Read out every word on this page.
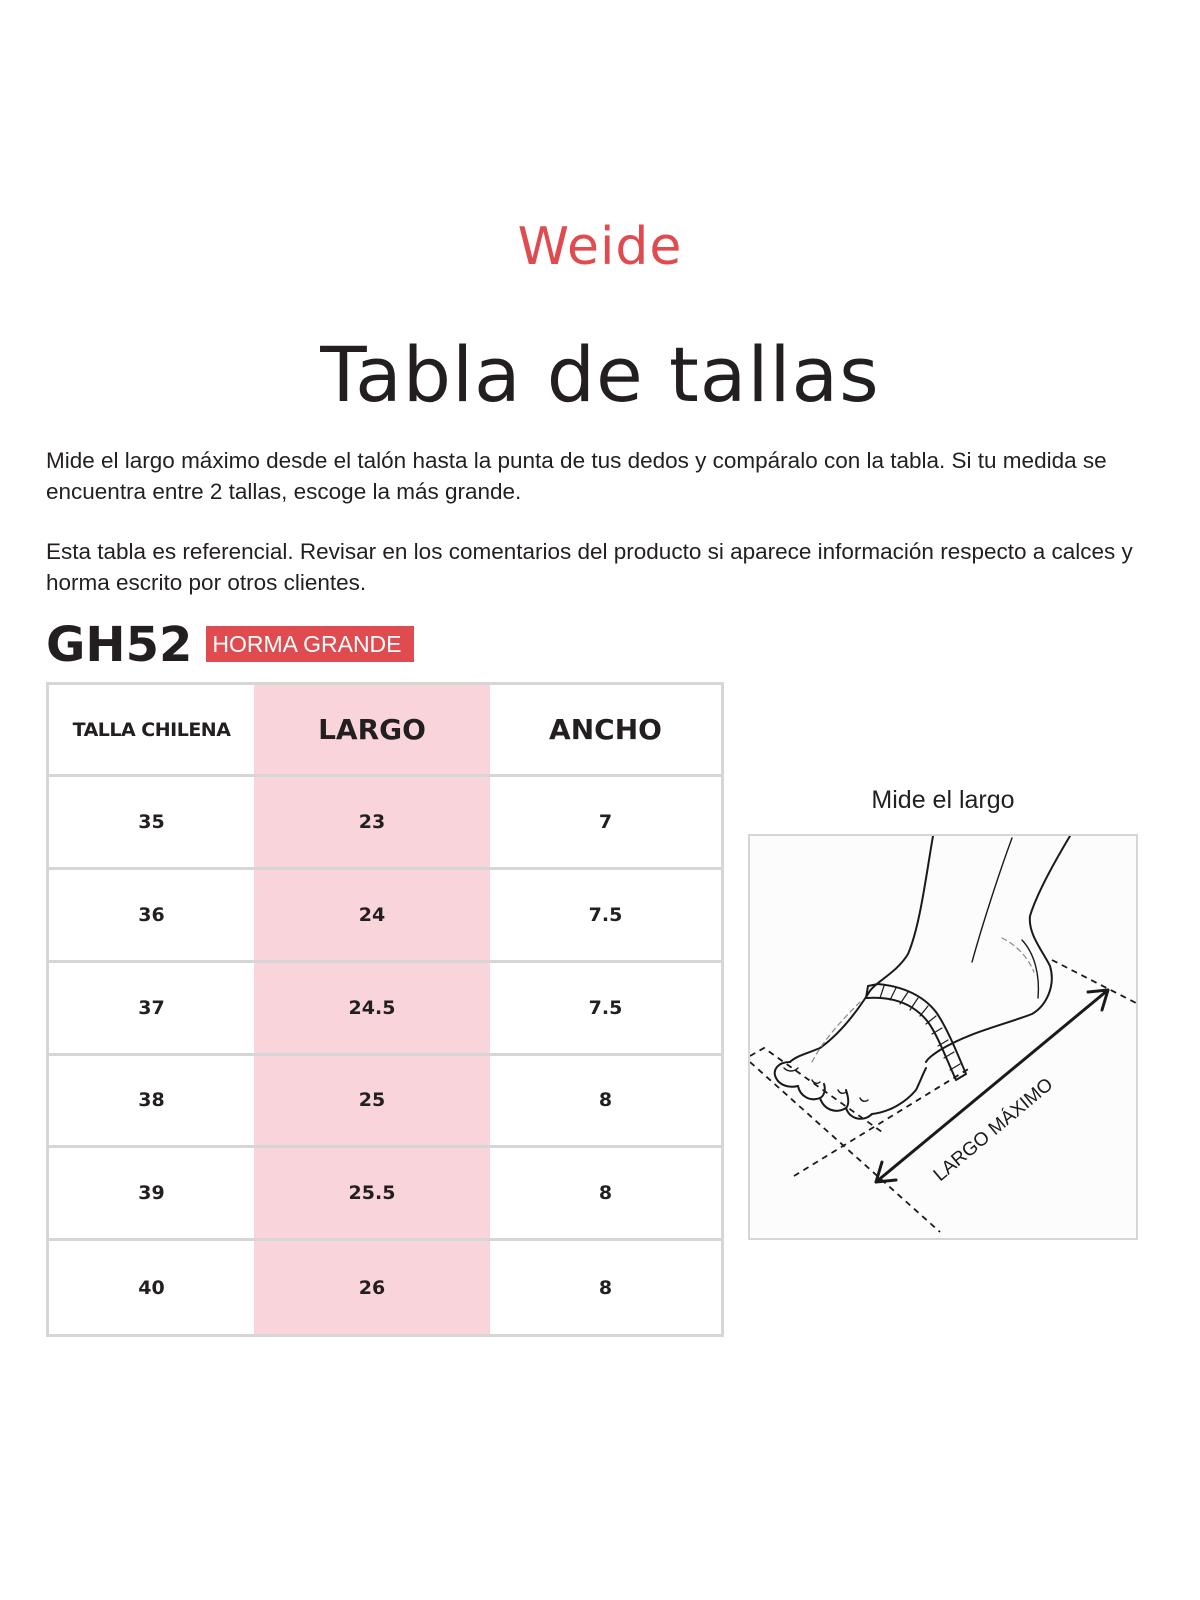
Weide
Tabla de tallas
Mide el largo máximo desde el talón hasta la punta de tus dedos y compáralo con la tabla. Si tu medida se encuentra entre 2 tallas, escoge la más grande.
Esta tabla es referencial. Revisar en los comentarios del producto si aparece información respecto a calces y horma escrito por otros clientes.
GH52 HORMA GRANDE
TALLA CHILENA	LARGO	ANCHO
35	23	7
36	24	7.5
37	24.5	7.5
38	25	8
39	25.5	8
40	26	8
Mide el largo
LARGO MÁXIMO
